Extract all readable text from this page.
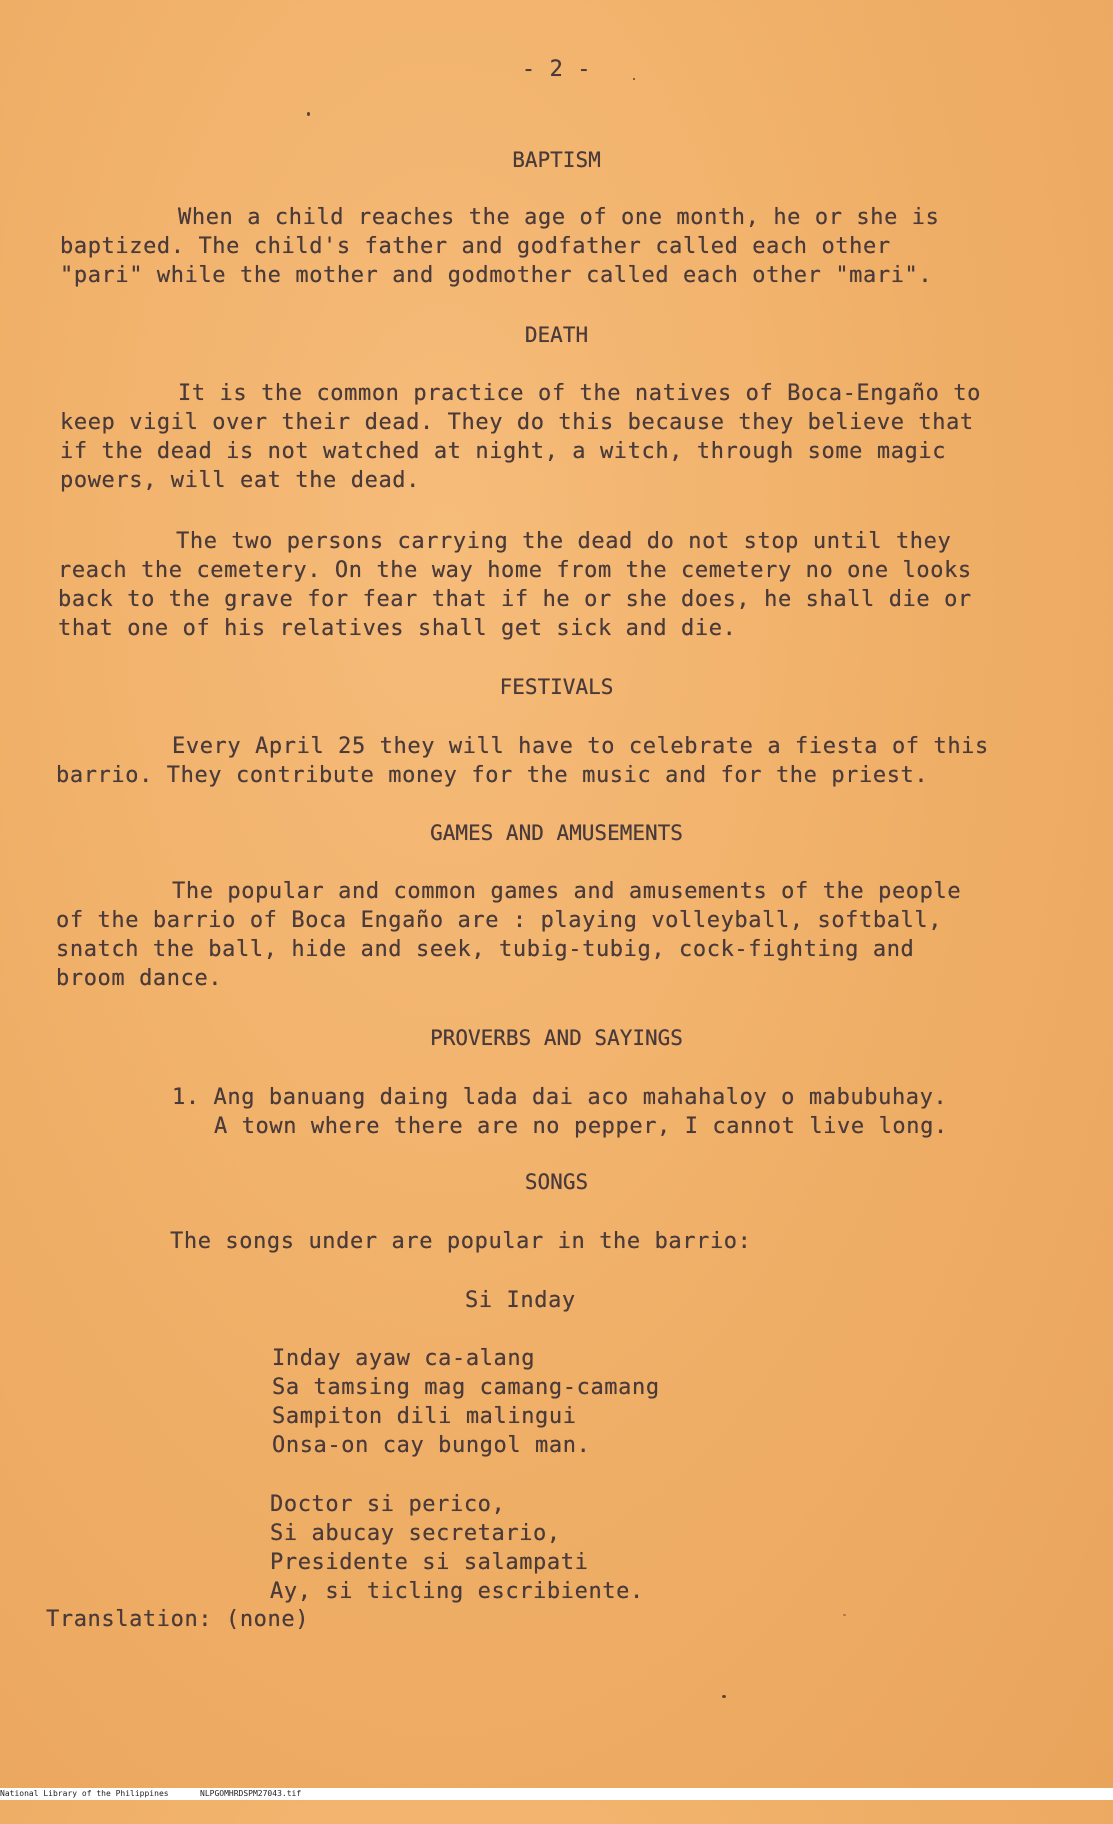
- 2 -
BAPTISM
When a child reaches the age of one month, he or she is
baptized. The child's father and godfather called each other
"pari" while the mother and godmother called each other "mari".
DEATH
It is the common practice of the natives of Boca-Engaño to
keep vigil over their dead. They do this because they believe that
if the dead is not watched at night, a witch, through some magic
powers, will eat the dead.
The two persons carrying the dead do not stop until they
reach the cemetery. On the way home from the cemetery no one looks
back to the grave for fear that if he or she does, he shall die or
that one of his relatives shall get sick and die.
FESTIVALS
Every April 25 they will have to celebrate a fiesta of this
barrio. They contribute money for the music and for the priest.
GAMES AND AMUSEMENTS
The popular and common games and amusements of the people
of the barrio of Boca Engaño are : playing volleyball, softball,
snatch the ball, hide and seek, tubig-tubig, cock-fighting and
broom dance.
PROVERBS AND SAYINGS
1. Ang banuang daing lada dai aco mahahaloy o mabubuhay.
A town where there are no pepper, I cannot live long.
SONGS
The songs under are popular in the barrio:
Si Inday
Inday ayaw ca-alang
Sa tamsing mag camang-camang
Sampiton dili malingui
Onsa-on cay bungol man.
Doctor si perico,
Si abucay secretario,
Presidente si salampati
Ay, si ticling escribiente.
Translation: (none)

National Library of the Philippines

	NLPGOMHRDSPM27043.tif
